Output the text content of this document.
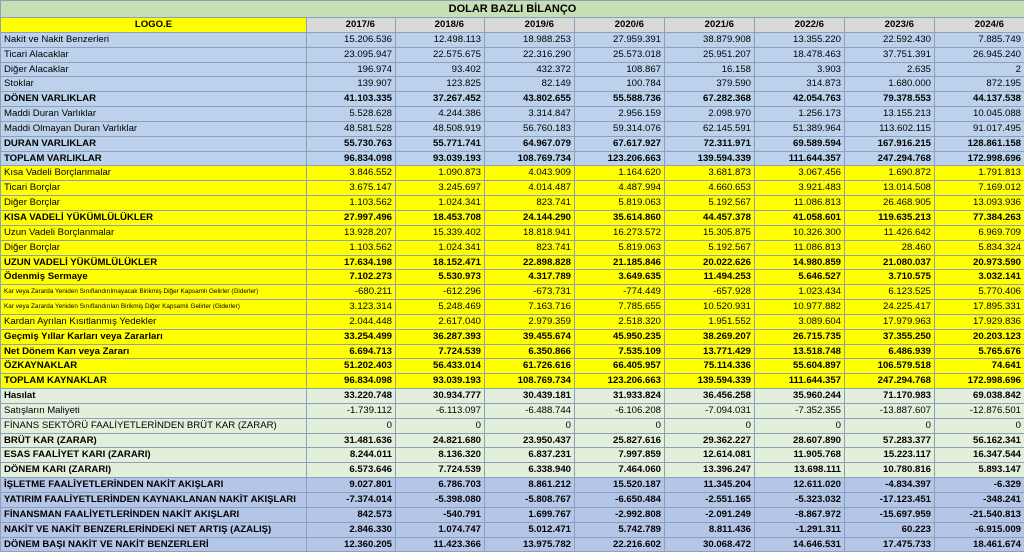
DOLAR BAZLI BİLANÇO								
LOGO.E	2017/6	2018/6	2019/6	2020/6	2021/6	2022/6	2023/6	2024/6
Nakit ve Nakit Benzerleri	15.206.536	12.498.113	18.988.253	27.959.391	38.879.908	13.355.220	22.592.430	7.885.749
Ticari Alacaklar	23.095.947	22.575.675	22.316.290	25.573.018	25.951.207	18.478.463	37.751.391	26.945.240
Diğer Alacaklar	196.974	93.402	432.372	108.867	16.158	3.903	2.635	2
Stoklar	139.907	123.825	82.149	100.784	379.590	314.873	1.680.000	872.195
DÖNEN VARLIKLAR	41.103.335	37.267.452	43.802.655	55.588.736	67.282.368	42.054.763	79.378.553	44.137.538
Maddi Duran Varlıklar	5.528.628	4.244.386	3.314.847	2.956.159	2.098.970	1.256.173	13.155.213	10.045.088
Maddi Olmayan Duran Varlıklar	48.581.528	48.508.919	56.760.183	59.314.076	62.145.591	51.389.964	113.602.115	91.017.495
DURAN VARLIKLAR	55.730.763	55.771.741	64.967.079	67.617.927	72.311.971	69.589.594	167.916.215	128.861.158
TOPLAM VARLIKLAR	96.834.098	93.039.193	108.769.734	123.206.663	139.594.339	111.644.357	247.294.768	172.998.696
Kısa Vadeli Borçlanmalar	3.846.552	1.090.873	4.043.909	1.164.620	3.681.873	3.067.456	1.690.872	1.791.813
Ticari Borçlar	3.675.147	3.245.697	4.014.487	4.487.994	4.660.653	3.921.483	13.014.508	7.169.012
Diğer Borçlar	1.103.562	1.024.341	823.741	5.819.063	5.192.567	11.086.813	26.468.905	13.093.936
KISA VADELİ YÜKÜMLÜLÜKLER	27.997.496	18.453.708	24.144.290	35.614.860	44.457.378	41.058.601	119.635.213	77.384.263
Uzun Vadeli Borçlanmalar	13.928.207	15.339.402	18.818.941	16.273.572	15.305.875	10.326.300	11.426.642	6.969.709
Diğer Borçlar	1.103.562	1.024.341	823.741	5.819.063	5.192.567	11.086.813	28.460	5.834.324
UZUN VADELİ YÜKÜMLÜLÜKLER	17.634.198	18.152.471	22.898.828	21.185.846	20.022.626	14.980.859	21.080.037	20.973.590
Ödenmiş Sermaye	7.102.273	5.530.973	4.317.789	3.649.635	11.494.253	5.646.527	3.710.575	3.032.141
Kar veya Zararda Yeniden Sınıflandırılmayacak Birikmiş Diğer Kapsamlı Gelirler (Giderler)	-680.211	-612.296	-673.731	-774.449	-657.928	1.023.434	6.123.525	5.770.406
Kar veya Zararda Yeniden Sınıflandırılan Birikmiş Diğer Kapsamlı Gelirler (Giderler)	3.123.314	5.248.469	7.163.716	7.785.655	10.520.931	10.977.882	24.225.417	17.895.331
Kardan Ayrılan Kısıtlanmış Yedekler	2.044.448	2.617.040	2.979.359	2.518.320	1.951.552	3.089.604	17.979.963	17.929.836
Geçmiş Yıllar Karları veya Zararları	33.254.499	36.287.393	39.455.674	45.950.235	38.269.207	26.715.735	37.355.250	20.203.123
Net Dönem Karı veya Zararı	6.694.713	7.724.539	6.350.866	7.535.109	13.771.429	13.518.748	6.486.939	5.765.676
ÖZKAYNAKLAR	51.202.403	56.433.014	61.726.616	66.405.957	75.114.336	55.604.897	106.579.518	74.641
TOPLAM KAYNAKLAR	96.834.098	93.039.193	108.769.734	123.206.663	139.594.339	111.644.357	247.294.768	172.998.696
Hasılat	33.220.748	30.934.777	30.439.181	31.933.824	36.456.258	35.960.244	71.170.983	69.038.842
Satışların Maliyeti	-1.739.112	-6.113.097	-6.488.744	-6.106.208	-7.094.031	-7.352.355	-13.887.607	-12.876.501
FİNANS SEKTÖRÜ FAALİYETLERİNDEN BRÜT KAR (ZARAR)	0	0	0	0	0	0	0	0
BRÜT KAR (ZARAR)	31.481.636	24.821.680	23.950.437	25.827.616	29.362.227	28.607.890	57.283.377	56.162.341
ESAS FAALİYET KARI (ZARARI)	8.244.011	8.136.320	6.837.231	7.997.859	12.614.081	11.905.768	15.223.117	16.347.544
DÖNEM KARI (ZARARI)	6.573.646	7.724.539	6.338.940	7.464.060	13.396.247	13.698.111	10.780.816	5.893.147
İŞLETME FAALİYETLERİNDEN NAKİT AKIŞLARI	9.027.801	6.786.703	8.861.212	15.520.187	11.345.204	12.611.020	-4.834.397	-6.329
YATIRIM FAALİYETLERİNDEN KAYNAKLANAN NAKİT AKIŞLARI	-7.374.014	-5.398.080	-5.808.767	-6.650.484	-2.551.165	-5.323.032	-17.123.451	-348.241
FİNANSMAN FAALİYETLERİNDEN NAKİT AKIŞLARI	842.573	-540.791	1.699.767	-2.992.808	-2.091.249	-8.867.972	-15.697.959	-21.540.813
NAKİT VE NAKİT BENZERLERİNDEKİ NET ARTIŞ (AZALIŞ)	2.846.330	1.074.747	5.012.471	5.742.789	8.811.436	-1.291.311	60.223	-6.915.009
DÖNEM BAŞI NAKİT VE NAKİT BENZERLERİ	12.360.205	11.423.366	13.975.782	22.216.602	30.068.472	14.646.531	17.475.733	18.461.674
